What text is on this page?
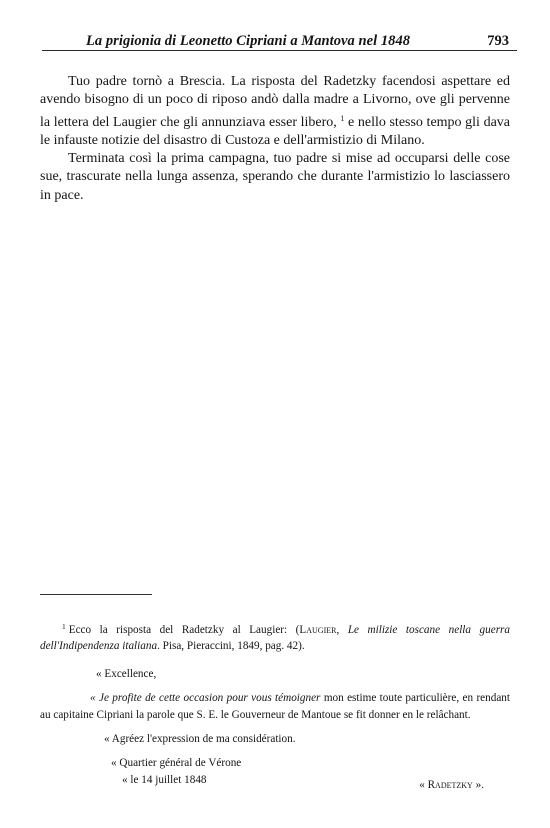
La prigionia di Leonetto Cipriani a Mantova nel 1848	793

Tuo padre tornò a Brescia. La risposta del Radetzky facendosi aspettare ed avendo bisogno di un poco di riposo andò dalla madre a Livorno, ove gli pervenne la lettera del Laugier che gli annunziava esser libero, $^1$ e nello stesso tempo gli dava le infauste notizie del disastro di Custoza e dell'armistizio di Milano.

Terminata così la prima campagna, tuo padre si mise ad occuparsi delle cose sue, trascurate nella lunga assenza, sperando che durante l'armistizio lo lasciassero in pace.

$^1$ Ecco la risposta del Radetzky al Laugier: (Laugier, Le milizie toscane nella guerra dell'Indipendenza italiana. Pisa, Pieraccini, 1849, pag. 42).

« Excellence,

« Je profite de cette occasion pour vous témoigner mon estime toute particulière, en rendant au capitaine Cipriani la parole que S. E. le Gouverneur de Mantoue se fit donner en le relâchant.

« Agréez l'expression de ma considération.

« Quartier général de Vérone

« le 14 juillet 1848	« Radetzky ».
